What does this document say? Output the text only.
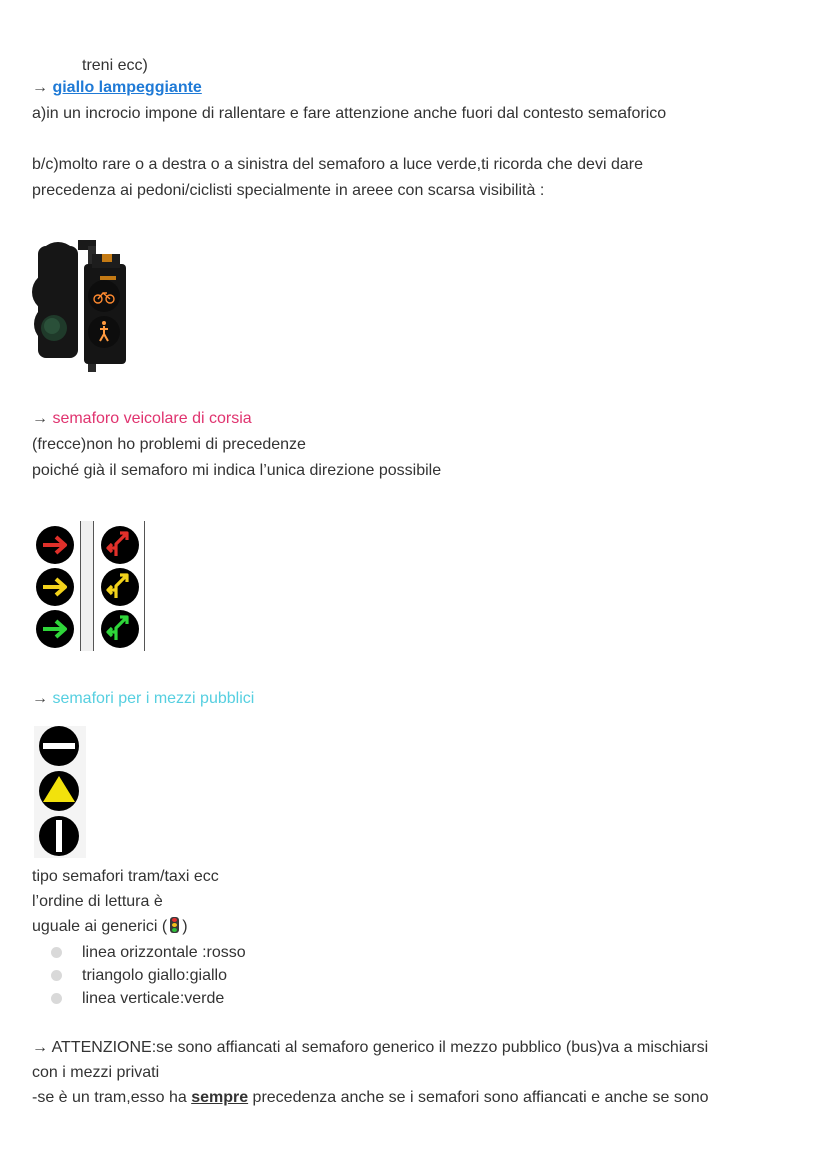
treni ecc)
→ giallo lampeggiante
a)in un incrocio impone di rallentare e fare attenzione anche fuori dal contesto semaforico
b/c)molto rare o a destra o a sinistra del semaforo a luce verde,ti ricorda che devi dare
precedenza ai pedoni/ciclisti specialmente in areee con scarsa visibilità :
→ semaforo veicolare di corsia
(frecce)non ho problemi di precedenze
poiché già il semaforo mi indica l’unica direzione possibile
→ semafori per i mezzi pubblici
tipo semafori tram/taxi ecc
l’ordine di lettura è
uguale ai generici ( )
linea orizzontale :rosso
triangolo giallo:giallo
linea verticale:verde
→ ATTENZIONE:se sono affiancati al semaforo generico il mezzo pubblico (bus)va a mischiarsi
con i mezzi privati
-se è un tram,esso ha sempre precedenza anche se i semafori sono affiancati e anche se sono
